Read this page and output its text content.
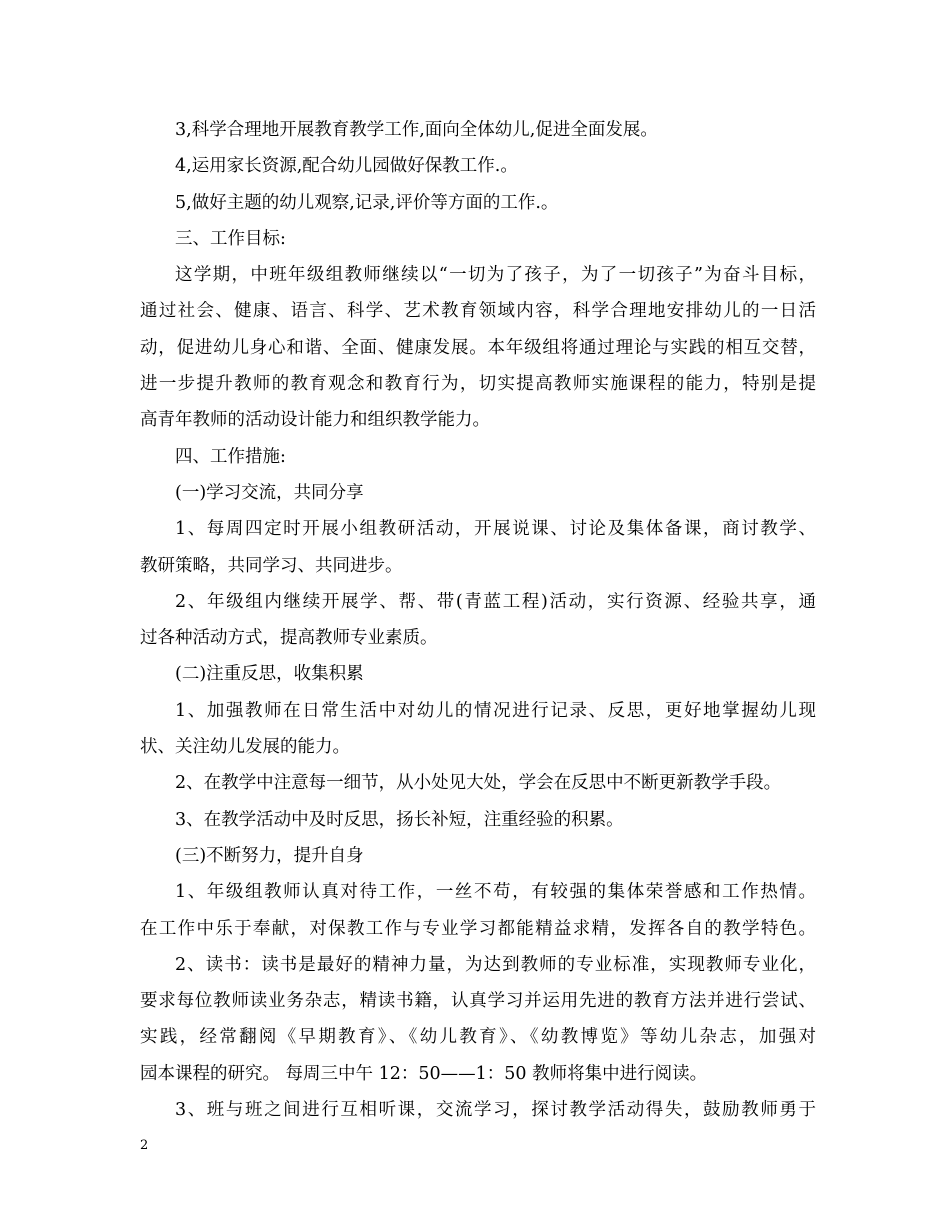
3,科学合理地开展教育教学工作,面向全体幼儿,促进全面发展。
4,运用家长资源,配合幼儿园做好保教工作.。
5,做好主题的幼儿观察,记录,评价等方面的工作.。
三、工作目标:
这学期，中班年级组教师继续以“一切为了孩子，为了一切孩子”为奋斗目标，
通过社会、健康、语言、科学、艺术教育领域内容，科学合理地安排幼儿的一日活
动，促进幼儿身心和谐、全面、健康发展。本年级组将通过理论与实践的相互交替，
进一步提升教师的教育观念和教育行为，切实提高教师实施课程的能力，特别是提
高青年教师的活动设计能力和组织教学能力。
四、工作措施:
(一)学习交流，共同分享
1、每周四定时开展小组教研活动，开展说课、讨论及集体备课，商讨教学、
教研策略，共同学习、共同进步。
2、年级组内继续开展学、帮、带(青蓝工程)活动，实行资源、经验共享，通
过各种活动方式，提高教师专业素质。
(二)注重反思，收集积累
1、加强教师在日常生活中对幼儿的情况进行记录、反思，更好地掌握幼儿现
状、关注幼儿发展的能力。
2、在教学中注意每一细节，从小处见大处，学会在反思中不断更新教学手段。
3、在教学活动中及时反思，扬长补短，注重经验的积累。
(三)不断努力，提升自身
1、年级组教师认真对待工作，一丝不苟，有较强的集体荣誉感和工作热情。
在工作中乐于奉献，对保教工作与专业学习都能精益求精，发挥各自的教学特色。
2、读书：读书是最好的精神力量，为达到教师的专业标准，实现教师专业化，
要求每位教师读业务杂志，精读书籍，认真学习并运用先进的教育方法并进行尝试、
实践，经常翻阅《早期教育》、《幼儿教育》、《幼教博览》等幼儿杂志，加强对
园本课程的研究。 每周三中午 12：50——1：50 教师将集中进行阅读。
3、班与班之间进行互相听课，交流学习，探讨教学活动得失，鼓励教师勇于
2
